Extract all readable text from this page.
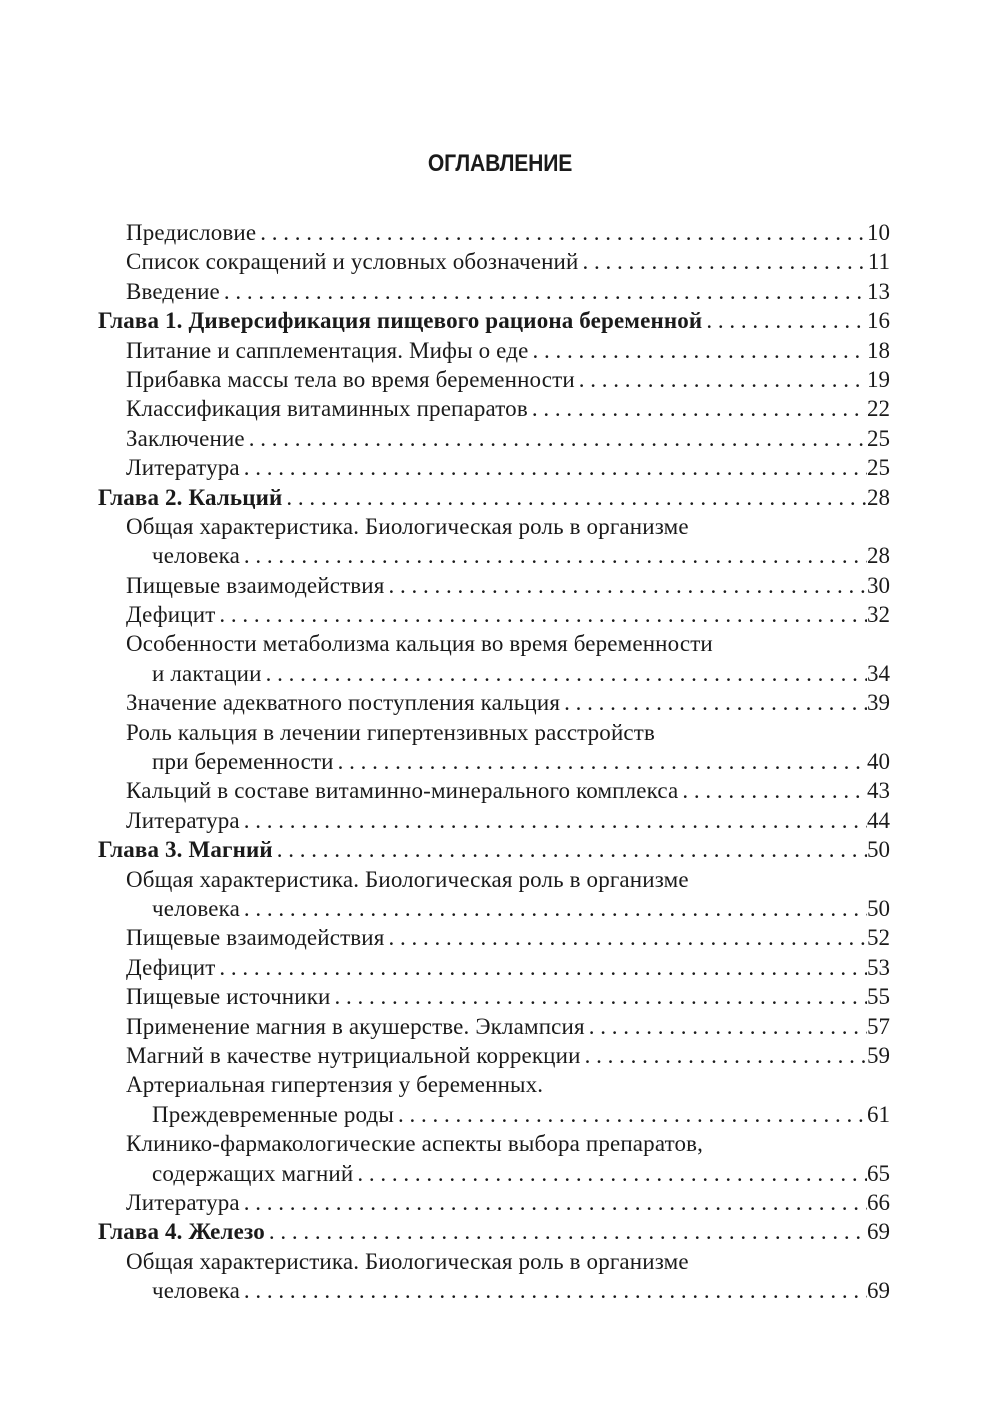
ОГЛАВЛЕНИЕ
Предисловие . . .	10
Список сокращений и условных обозначений . . .	11
Введение . . .	13
Глава 1. Диверсификация пищевого рациона беременной . . .	16
Питание и сапплементация. Мифы о еде . . .	18
Прибавка массы тела во время беременности . . .	19
Классификация витаминных препаратов . . .	22
Заключение . . .	25
Литература . . .	25
Глава 2. Кальций . . .	28
Общая характеристика. Биологическая роль в организме
человека . . .	28
Пищевые взаимодействия . . .	30
Дефицит . . .	32
Особенности метаболизма кальция во время беременности
и лактации . . .	34
Значение адекватного поступления кальция . . .	39
Роль кальция в лечении гипертензивных расстройств
при беременности . . .	40
Кальций в составе витаминно-минерального комплекса . . .	43
Литература . . .	44
Глава 3. Магний . . .	50
Общая характеристика. Биологическая роль в организме
человека . . .	50
Пищевые взаимодействия . . .	52
Дефицит . . .	53
Пищевые источники . . .	55
Применение магния в акушерстве. Эклампсия . . .	57
Магний в качестве нутрициальной коррекции . . .	59
Артериальная гипертензия у беременных.
Преждевременные роды . . .	61
Клинико-фармакологические аспекты выбора препаратов,
содержащих магний . . .	65
Литература . . .	66
Глава 4. Железо . . .	69
Общая характеристика. Биологическая роль в организме
человека . . .	69
